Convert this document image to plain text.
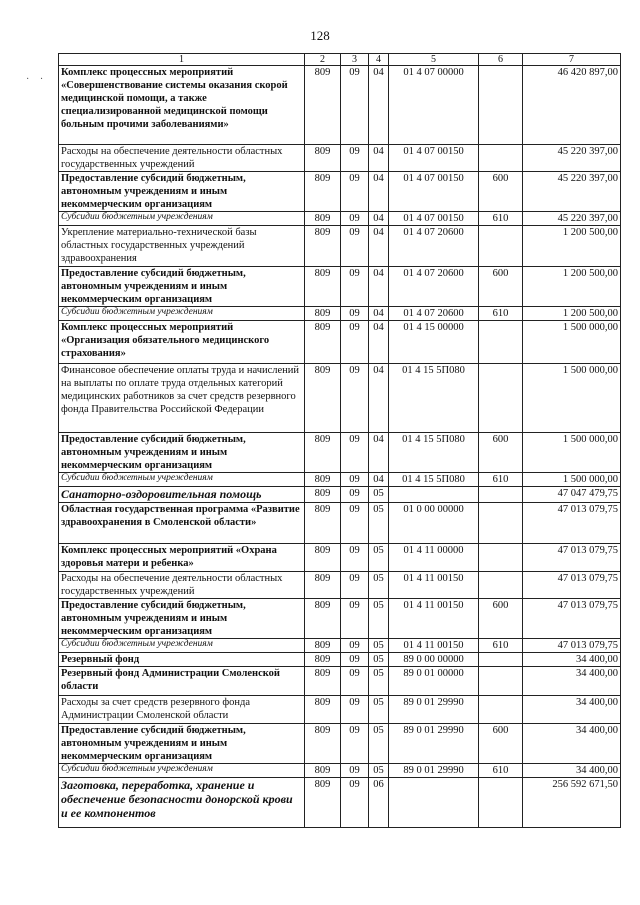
128
· ·
1	2	3	4	5	6	7
Комплекс процессных мероприятий «Совершенствование системы оказания скорой медицинской помощи, а также специализированной медицинской помощи больным прочими заболеваниями»	809	09	04	01 4 07 00000		46 420 897,00
Расходы на обеспечение деятельности областных государственных учреждений	809	09	04	01 4 07 00150		45 220 397,00
Предоставление субсидий бюджетным, автономным учреждениям и иным некоммерческим организациям	809	09	04	01 4 07 00150	600	45 220 397,00
Субсидии бюджетным учреждениям	809	09	04	01 4 07 00150	610	45 220 397,00
Укрепление материально-технической базы областных государственных учреждений здравоохранения	809	09	04	01 4 07 20600		1 200 500,00
Предоставление субсидий бюджетным, автономным учреждениям и иным некоммерческим организациям	809	09	04	01 4 07 20600	600	1 200 500,00
Субсидии бюджетным учреждениям	809	09	04	01 4 07 20600	610	1 200 500,00
Комплекс процессных мероприятий «Организация обязательного медицинского страхования»	809	09	04	01 4 15 00000		1 500 000,00
Финансовое обеспечение оплаты труда и начислений на выплаты по оплате труда отдельных категорий медицинских работников за счет средств резервного фонда Правительства Российской Федерации	809	09	04	01 4 15 5П080		1 500 000,00
Предоставление субсидий бюджетным, автономным учреждениям и иным некоммерческим организациям	809	09	04	01 4 15 5П080	600	1 500 000,00
Субсидии бюджетным учреждениям	809	09	04	01 4 15 5П080	610	1 500 000,00
Санаторно-оздоровительная помощь	809	09	05			47 047 479,75
Областная государственная программа «Развитие здравоохранения в Смоленской области»	809	09	05	01 0 00 00000		47 013 079,75
Комплекс процессных мероприятий «Охрана здоровья матери и ребенка»	809	09	05	01 4 11 00000		47 013 079,75
Расходы на обеспечение деятельности областных государственных учреждений	809	09	05	01 4 11 00150		47 013 079,75
Предоставление субсидий бюджетным, автономным учреждениям и иным некоммерческим организациям	809	09	05	01 4 11 00150	600	47 013 079,75
Субсидии бюджетным учреждениям	809	09	05	01 4 11 00150	610	47 013 079,75
Резервный фонд	809	09	05	89 0 00 00000		34 400,00
Резервный фонд Администрации Смоленской области	809	09	05	89 0 01 00000		34 400,00
Расходы за счет средств резервного фонда Администрации Смоленской области	809	09	05	89 0 01 29990		34 400,00
Предоставление субсидий бюджетным, автономным учреждениям и иным некоммерческим организациям	809	09	05	89 0 01 29990	600	34 400,00
Субсидии бюджетным учреждениям	809	09	05	89 0 01 29990	610	34 400,00
Заготовка, переработка, хранение и обеспечение безопасности донорской крови и ее компонентов	809	09	06			256 592 671,50
